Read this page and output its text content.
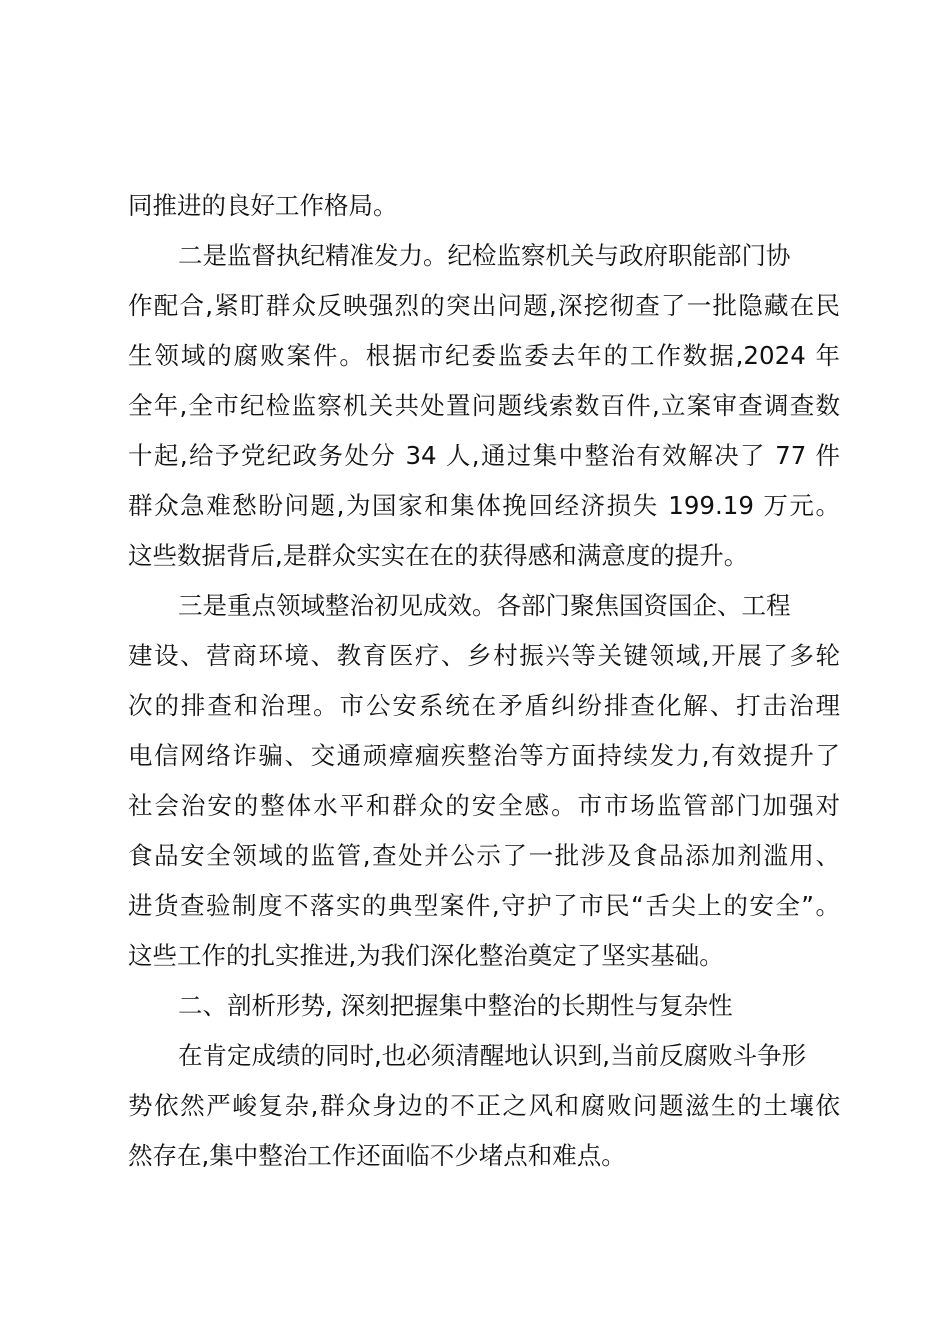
同推进的良好工作格局。
二是监督执纪精准发力。纪检监察机关与政府职能部门协
作配合,紧盯群众反映强烈的突出问题,深挖彻查了一批隐藏在民
生领域的腐败案件。根据市纪委监委去年的工作数据,2024 年
全年,全市纪检监察机关共处置问题线索数百件,立案审查调查数
十起,给予党纪政务处分 34 人,通过集中整治有效解决了 77 件
群众急难愁盼问题,为国家和集体挽回经济损失 199.19 万元。
这些数据背后,是群众实实在在的获得感和满意度的提升。
三是重点领域整治初见成效。各部门聚焦国资国企、工程
建设、营商环境、教育医疗、乡村振兴等关键领域,开展了多轮
次的排查和治理。市公安系统在矛盾纠纷排查化解、打击治理
电信网络诈骗、交通顽瘴痼疾整治等方面持续发力,有效提升了
社会治安的整体水平和群众的安全感。市市场监管部门加强对
食品安全领域的监管,查处并公示了一批涉及食品添加剂滥用、
进货查验制度不落实的典型案件,守护了市民“舌尖上的安全”。
这些工作的扎实推进,为我们深化整治奠定了坚实基础。
二、剖析形势, 深刻把握集中整治的长期性与复杂性
在肯定成绩的同时,也必须清醒地认识到,当前反腐败斗争形
势依然严峻复杂,群众身边的不正之风和腐败问题滋生的土壤依
然存在,集中整治工作还面临不少堵点和难点。
